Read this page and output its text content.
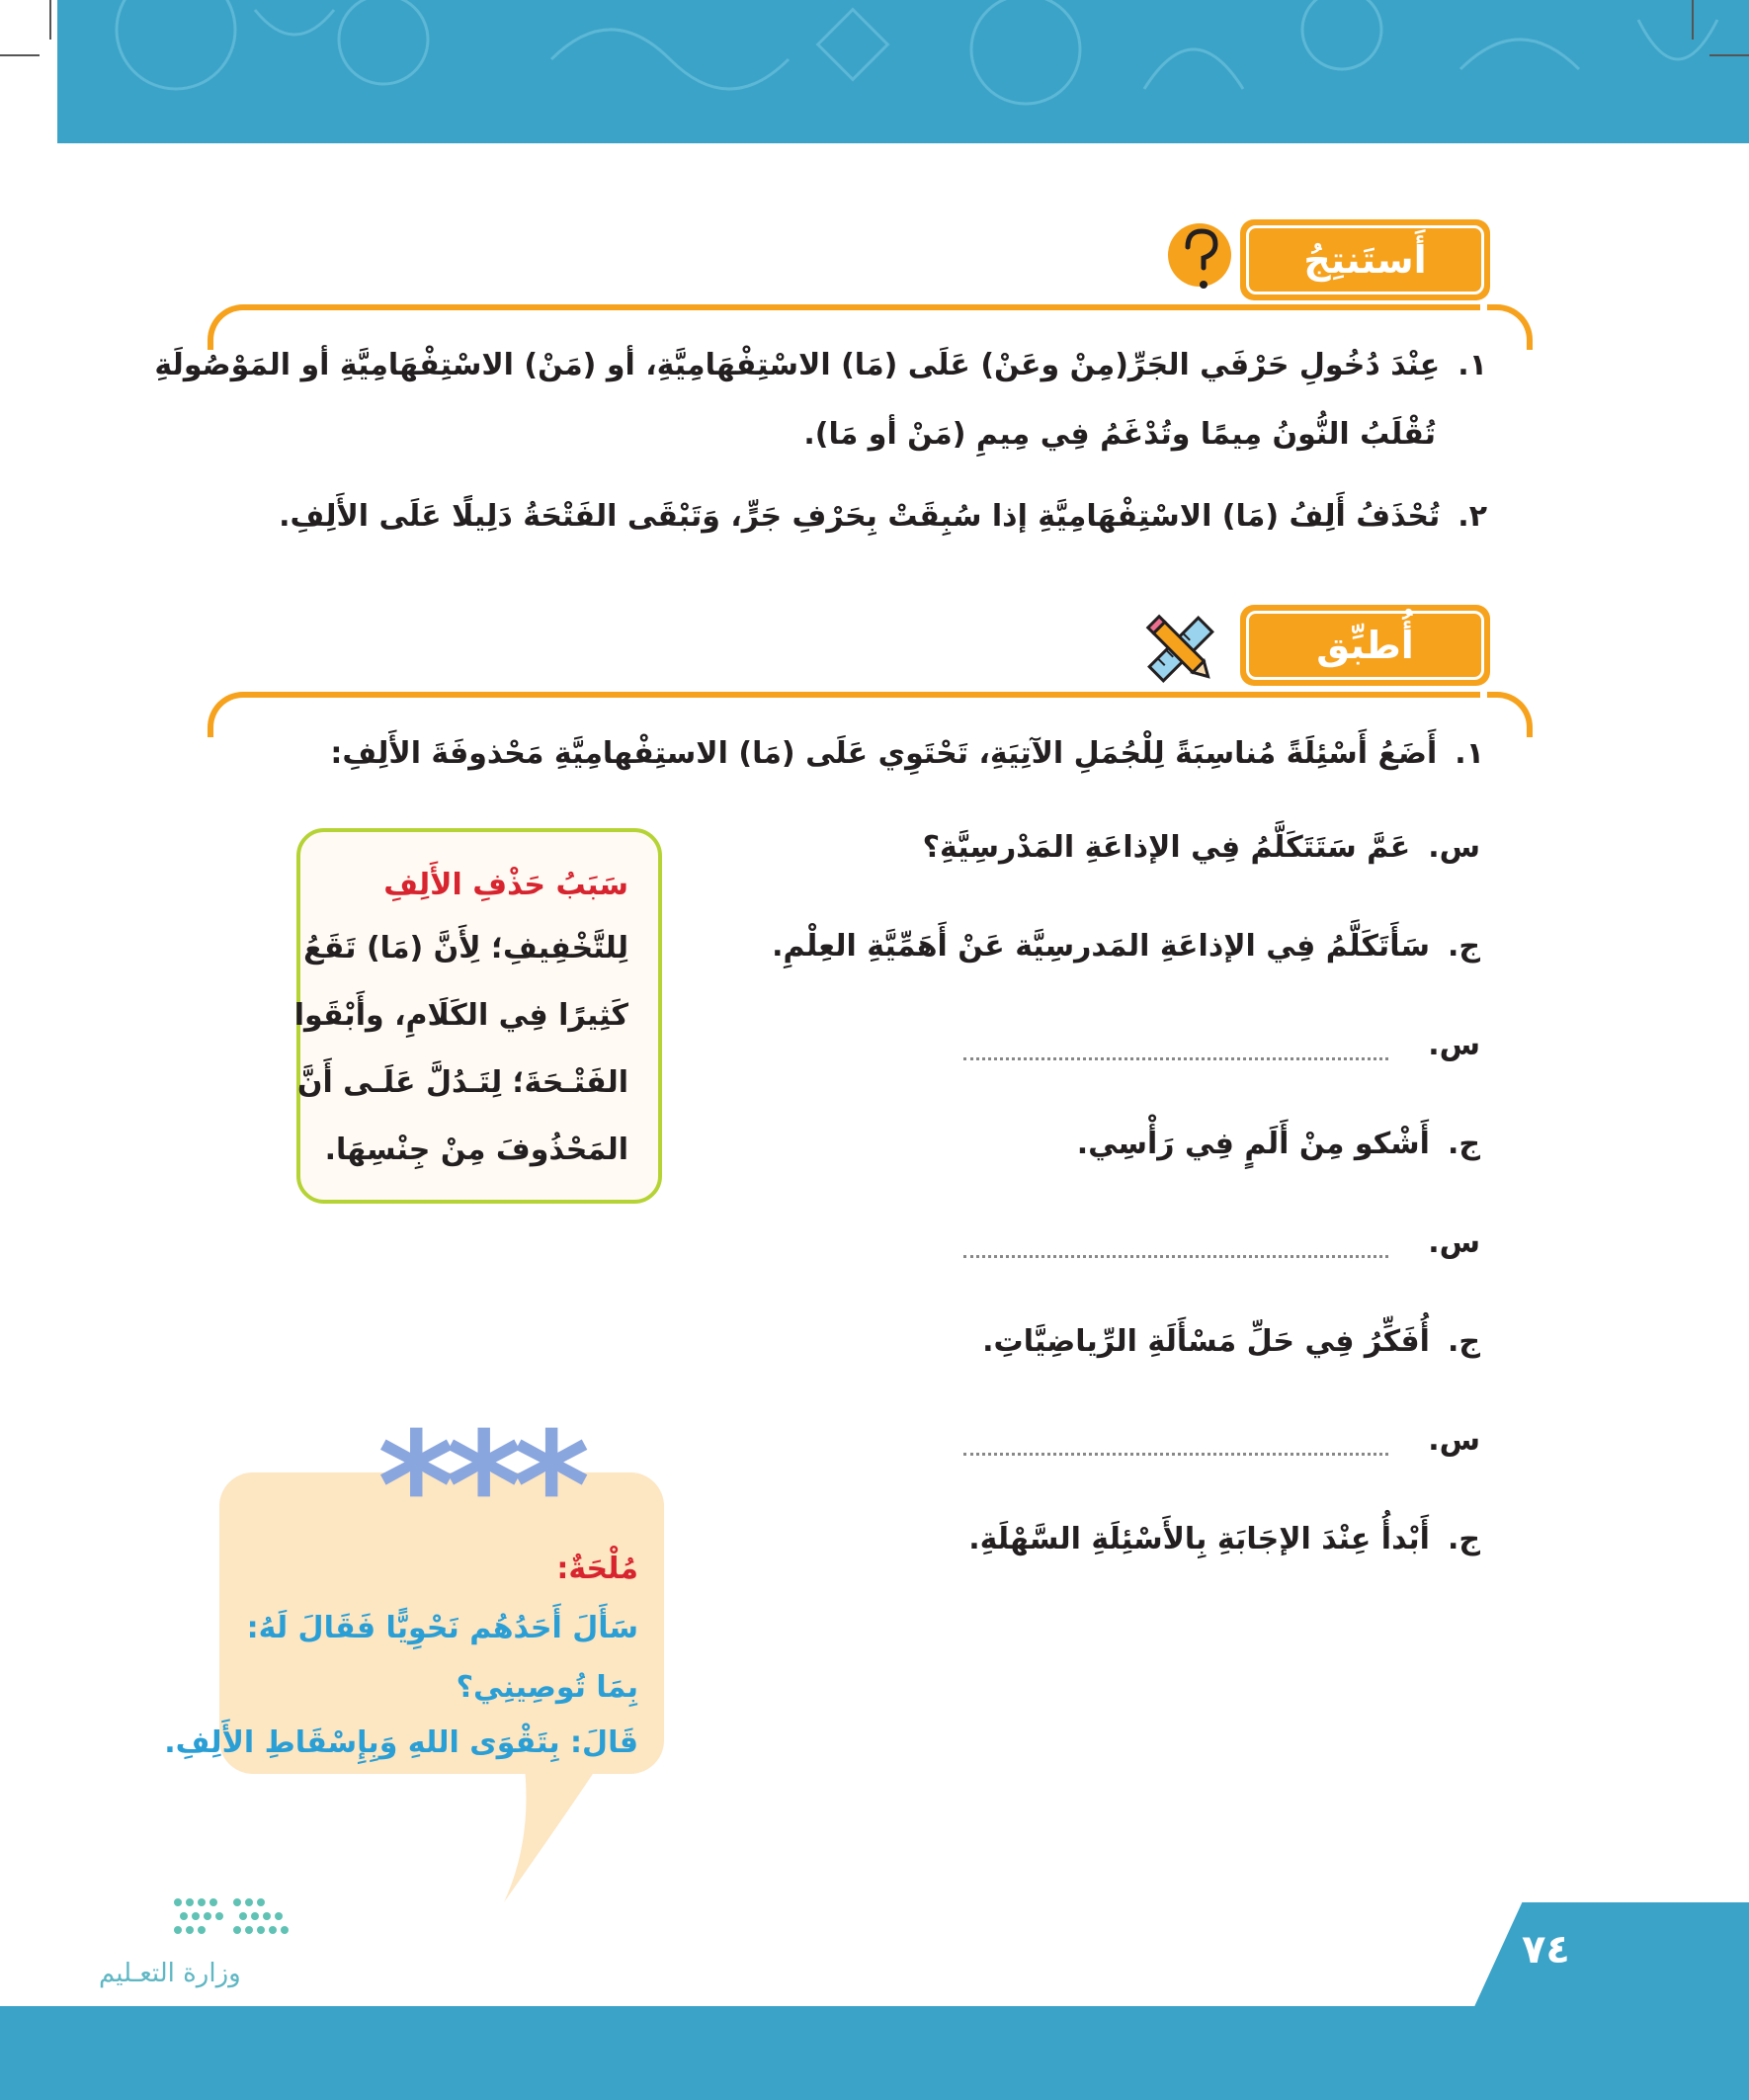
أَستَنتِجُ
١.عِنْدَ دُخُولِ حَرْفَي الجَرِّ(مِنْ وعَنْ) عَلَى (مَا) الاسْتِفْهَامِيَّةِ، أو (مَنْ) الاسْتِفْهَامِيَّةِ أو المَوْصُولَةِ
تُقْلَبُ النُّونُ مِيمًا وتُدْغَمُ فِي مِيمِ (مَنْ أو مَا).
٢.تُحْذَفُ أَلِفُ (مَا) الاسْتِفْهَامِيَّةِ إذا سُبِقَتْ بِحَرْفِ جَرٍّ، وَتَبْقَى الفَتْحَةُ دَلِيلًا عَلَى الأَلِفِ.
أُطبِّق
١.أَضَعُ أَسْئِلَةً مُناسِبَةً لِلْجُمَلِ الآتِيَةِ، تَحْتَوِي عَلَى (مَا) الاستِفْهامِيَّةِ مَحْذوفَةَ الأَلِفِ:
س.عَمَّ سَتَتَكَلَّمُ فِي الإذاعَةِ المَدْرسِيَّةِ؟
ج.سَأَتَكَلَّمُ فِي الإذاعَةِ المَدرسِيَّة عَنْ أَهَمِّيَّةِ العِلْمِ.
س.
ج.أَشْكو مِنْ أَلَمٍ فِي رَأْسِي.
س.
ج.أُفَكِّرُ فِي حَلِّ مَسْأَلَةِ الرِّياضِيَّاتِ.
س.
ج.أَبْدأُ عِنْدَ الإجَابَةِ بِالأَسْئِلَةِ السَّهْلَةِ.
سَبَبُ حَذْفِ الأَلِفِ
لِلتَّخْفِيفِ؛ لِأَنَّ (مَا) تَقَعُ
كَثِيرًا فِي الكَلَامِ، وأَبْقَوا
الفَتْـحَةَ؛ لِتَـدُلَّ عَلَـى أَنَّ
المَحْذُوفَ مِنْ جِنْسِهَا.
مُلْحَةٌ:
سَأَلَ أَحَدُهُم نَحْوِيًّا فَقَالَ لَهُ:
بِمَا تُوصِينِي؟
قَالَ: بِتَقْوَى اللهِ وَبِإِسْقَاطِ الأَلِفِ.
***
٧٤
وزارة التعـليم
